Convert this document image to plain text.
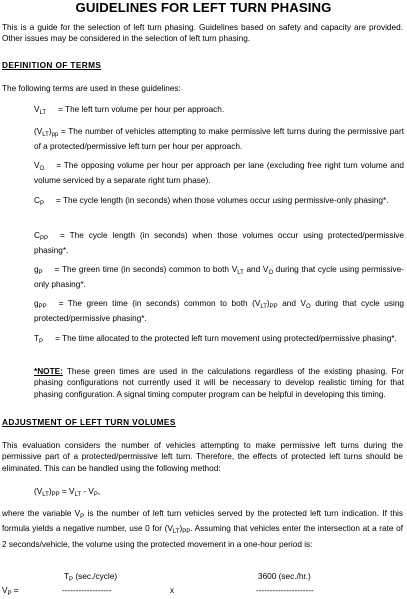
GUIDELINES FOR LEFT TURN PHASING
This is a guide for the selection of left turn phasing. Guidelines based on safety and capacity are provided. Other issues may be considered in the selection of left turn phasing.
DEFINITION OF TERMS
The following terms are used in these guidelines:
$V_{LT}$ = The left turn volume per hour per approach.
$(V_{LT})_{pp}$ = The number of vehicles attempting to make permissive left turns during the permissive part of a protected/permissive left turn per hour per approach.
$V_O$ = The opposing volume per hour per approach per lane (excluding free right turn volume and volume serviced by a separate right turn phase).
$C_P$ = The cycle length (in seconds) when those volumes occur using permissive-only phasing*.
$C_{PP}$ = The cycle length (in seconds) when those volumes occur using protected/permissive phasing*.
$g_P$ = The green time (in seconds) common to both $V_{LT}$ and $V_O$ during that cycle using permissive-only phasing*.
$g_{PP}$ = The green time (in seconds) common to both $(V_{LT})_{PP}$ and $V_O$ during that cycle using protected/permissive phasing*.
$T_P$ = The time allocated to the protected left turn movement using protected/permissive phasing*.
*NOTE: These green times are used in the calculations regardless of the existing phasing. For phasing configurations not currently used it will be necessary to develop realistic timing for that phasing configuration. A signal timing computer program can be helpful in developing this timing.
ADJUSTMENT OF LEFT TURN VOLUMES
This evaluation considers the number of vehicles attempting to make permissive left turns during the permissive part of a protected/permissive left turn. Therefore, the effects of protected left turns should be eliminated. This can be handled using the following method:
$(V_{LT})_{PP} = V_{LT} - V_P$,
where the variable $V_P$ is the number of left turn vehicles served by the protected left turn indication. If this formula yields a negative number, use 0 for $(V_{LT})_{PP}$. Assuming that vehicles enter the intersection at a rate of 2 seconds/vehicle, the volume using the protected movement in a one-hour period is:
$T_P$ (sec./cycle)	3600 (sec./hr.)
$V_P$ =	------------------	x	---------------------
